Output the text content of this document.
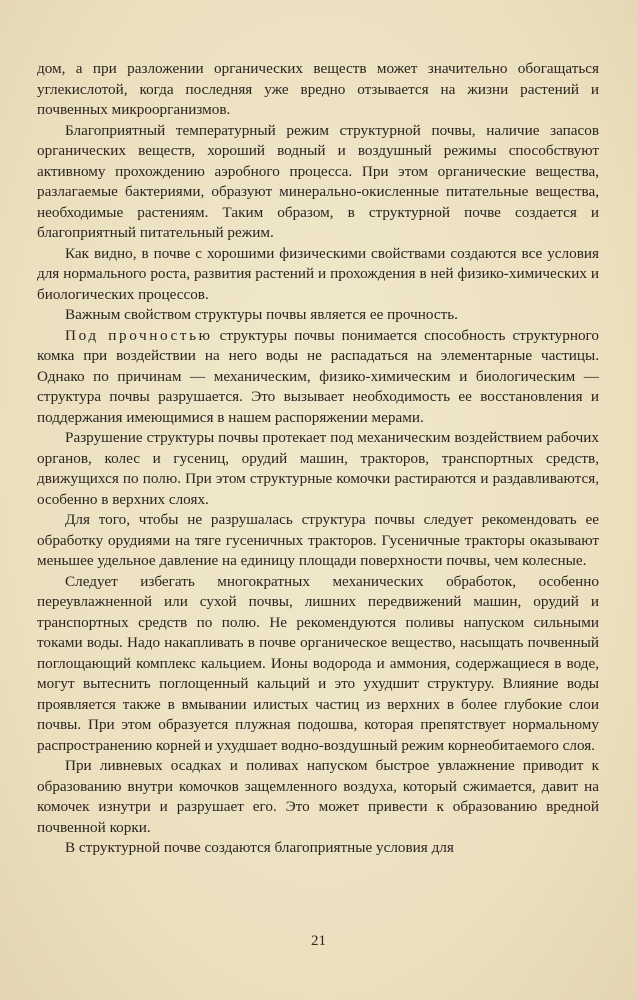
дом, а при разложении органических веществ может значительно обогащаться углекислотой, когда последняя уже вредно отзывается на жизни растений и почвенных микроорганизмов.

Благоприятный температурный режим структурной почвы, наличие запасов органических веществ, хороший водный и воздушный режимы способствуют активному прохождению аэробного процесса. При этом органические вещества, разлагаемые бактериями, образуют минерально-окисленные питательные вещества, необходимые растениям. Таким образом, в структурной почве создается и благоприятный питательный режим.

Как видно, в почве с хорошими физическими свойствами создаются все условия для нормального роста, развития растений и прохождения в ней физико-химических и биологических процессов.

Важным свойством структуры почвы является ее прочность.

Под прочностью структуры почвы понимается способность структурного комка при воздействии на него воды не распадаться на элементарные частицы. Однако по причинам — механическим, физико-химическим и биологическим — структура почвы разрушается. Это вызывает необходимость ее восстановления и поддержания имеющимися в нашем распоряжении мерами.

Разрушение структуры почвы протекает под механическим воздействием рабочих органов, колес и гусениц, орудий машин, тракторов, транспортных средств, движущихся по полю. При этом структурные комочки растираются и раздавливаются, особенно в верхних слоях.

Для того, чтобы не разрушалась структура почвы следует рекомендовать ее обработку орудиями на тяге гусеничных тракторов. Гусеничные тракторы оказывают меньшее удельное давление на единицу площади поверхности почвы, чем колесные.

Следует избегать многократных механических обработок, особенно переувлажненной или сухой почвы, лишних передвижений машин, орудий и транспортных средств по полю. Не рекомендуются поливы напуском сильными токами воды. Надо накапливать в почве органическое вещество, насыщать почвенный поглощающий комплекс кальцием. Ионы водорода и аммония, содержащиеся в воде, могут вытеснить поглощенный кальций и это ухудшит структуру. Влияние воды проявляется также в вмывании илистых частиц из верхних в более глубокие слои почвы. При этом образуется плужная подошва, которая препятствует нормальному распространению корней и ухудшает водно-воздушный режим корнеобитаемого слоя.

При ливневых осадках и поливах напуском быстрое увлажнение приводит к образованию внутри комочков защемленного воздуха, который сжимается, давит на комочек изнутри и разрушает его. Это может привести к образованию вредной почвенной корки.

В структурной почве создаются благоприятные условия для

21
